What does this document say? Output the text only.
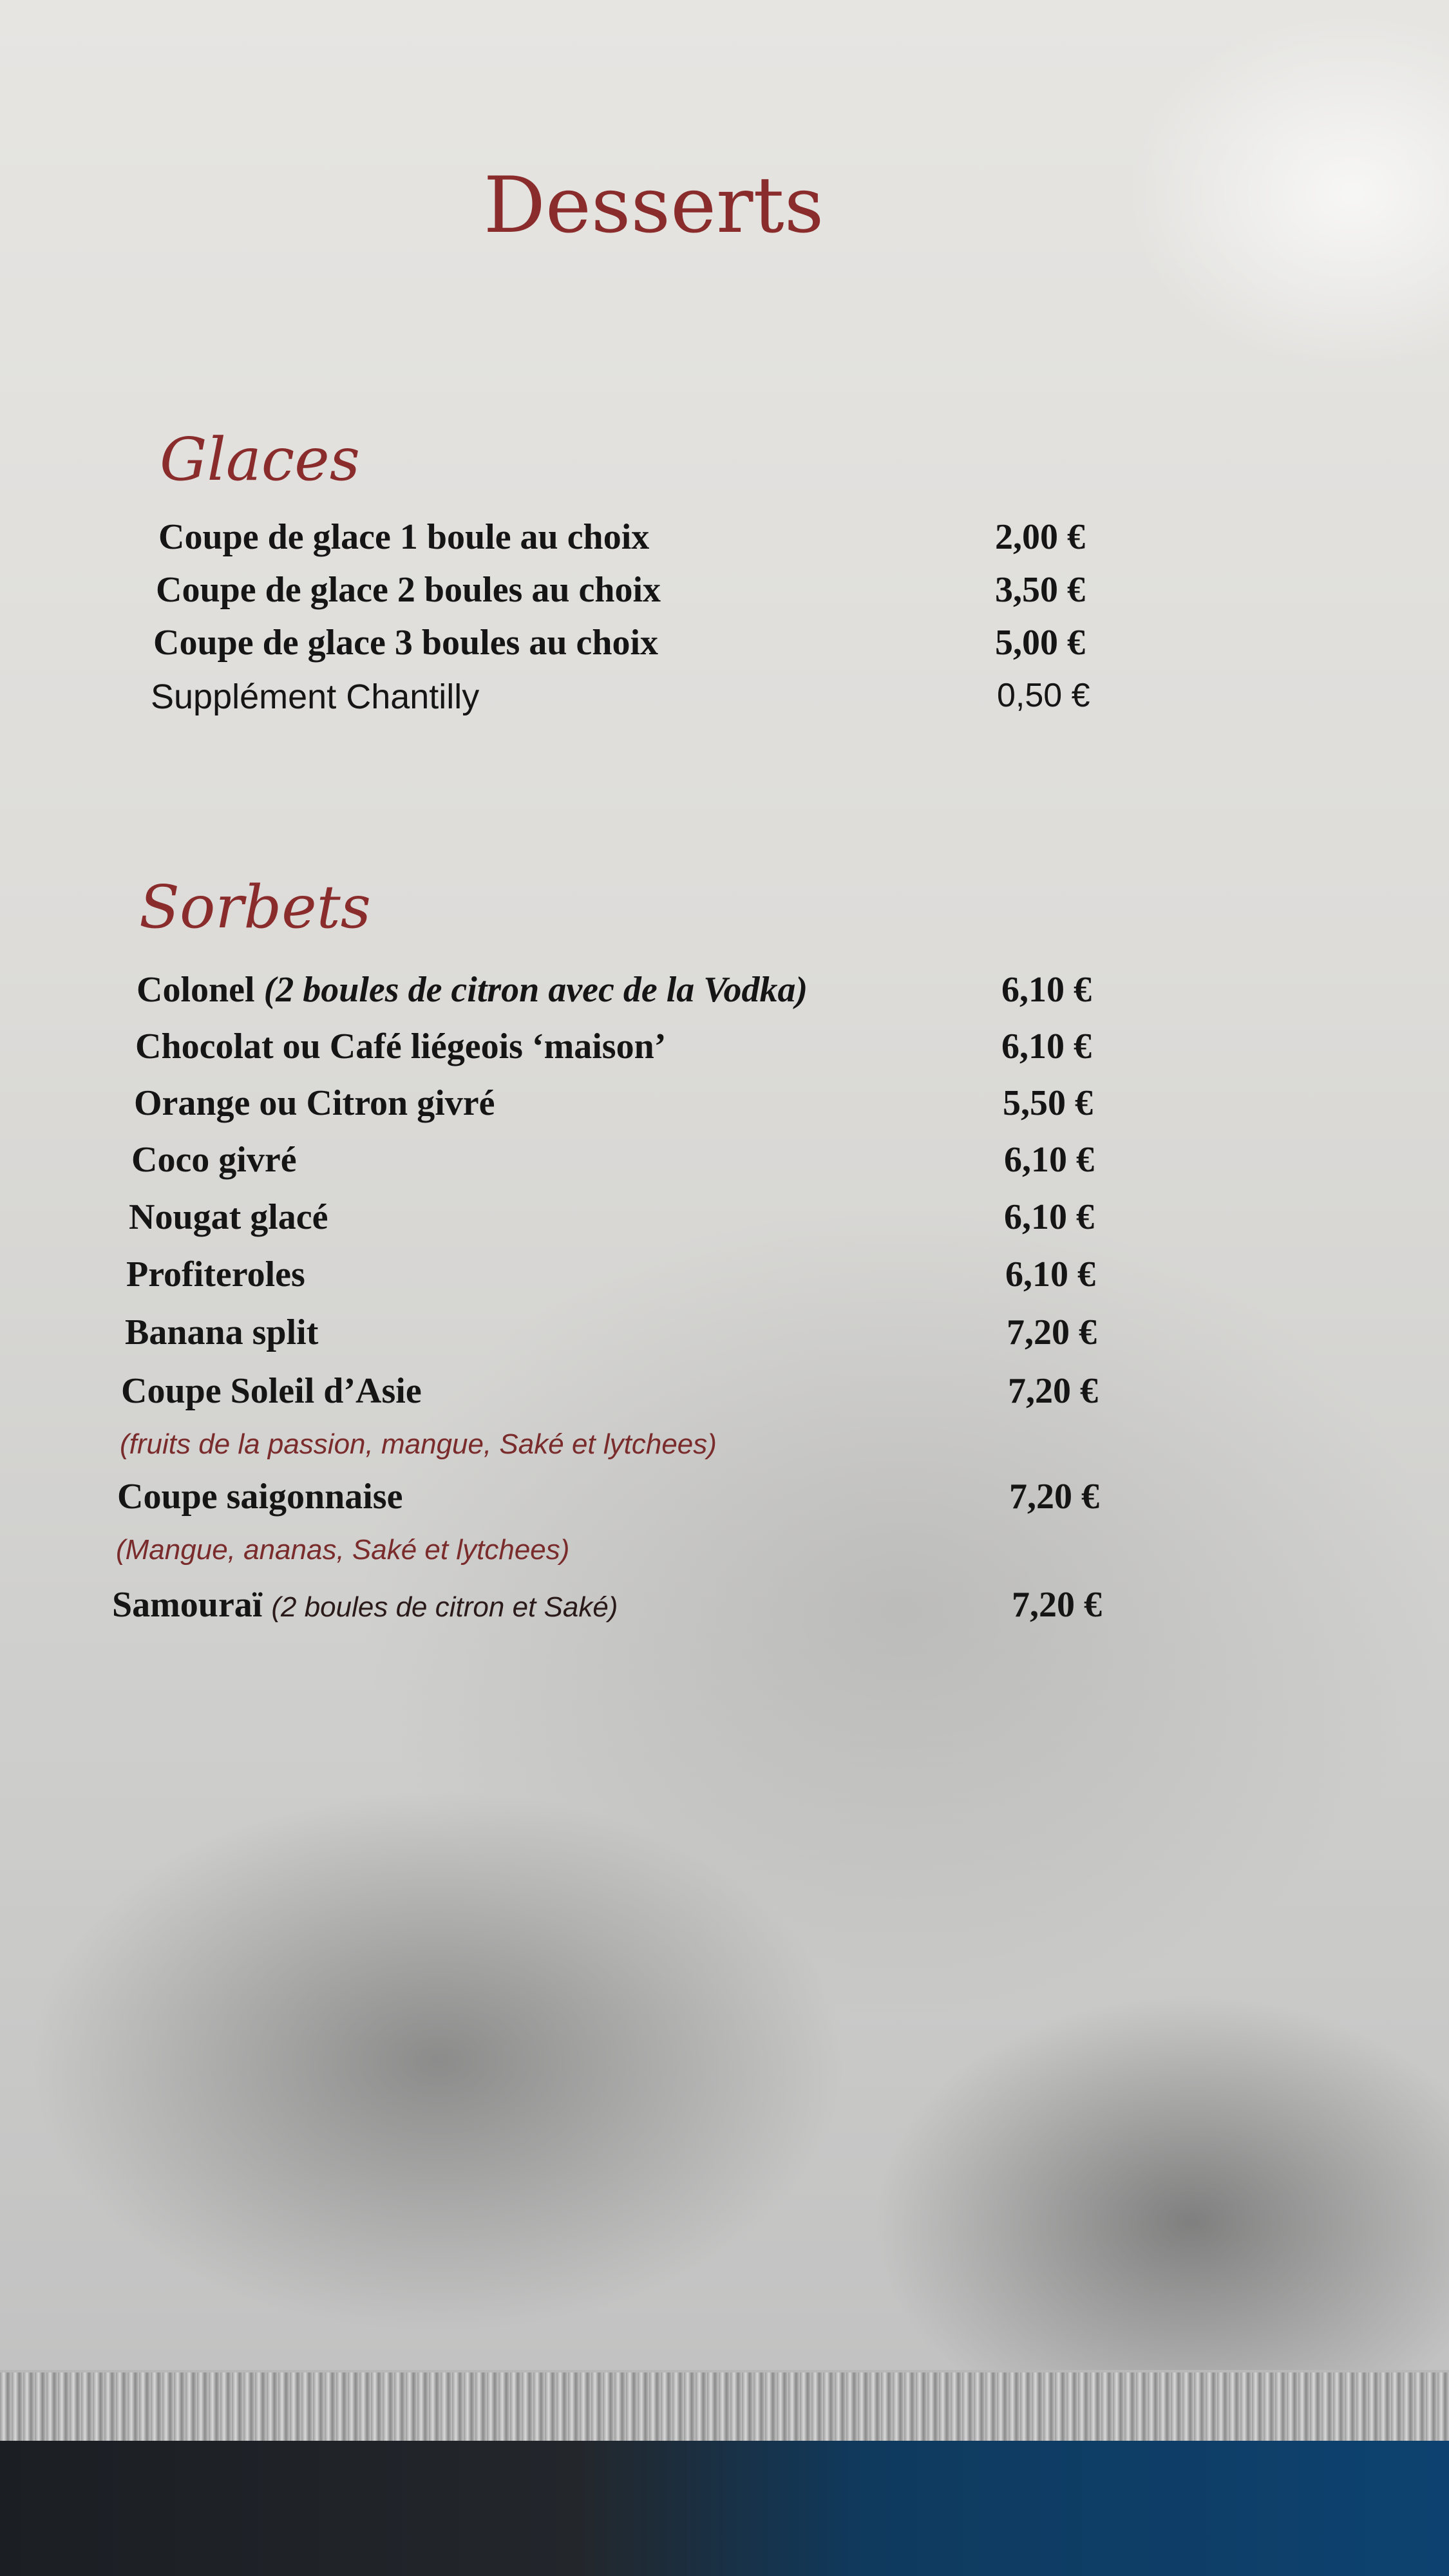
Desserts
Glaces
Coupe de glace 1 boule au choix	2,00 €
Coupe de glace 2 boules au choix	3,50 €
Coupe de glace 3 boules au choix	5,00 €
Supplément Chantilly	0,50 €
Sorbets
Colonel (2 boules de citron avec de la Vodka)	6,10 €
Chocolat ou Café liégeois ‘maison’	6,10 €
Orange ou Citron givré	5,50 €
Coco givré	6,10 €
Nougat glacé	6,10 €
Profiteroles	6,10 €
Banana split	7,20 €
Coupe Soleil d’Asie	7,20 €
(fruits de la passion, mangue, Saké et lytchees)
Coupe saigonnaise	7,20 €
(Mangue, ananas, Saké et lytchees)
Samouraï (2 boules de citron et Saké)	7,20 €
